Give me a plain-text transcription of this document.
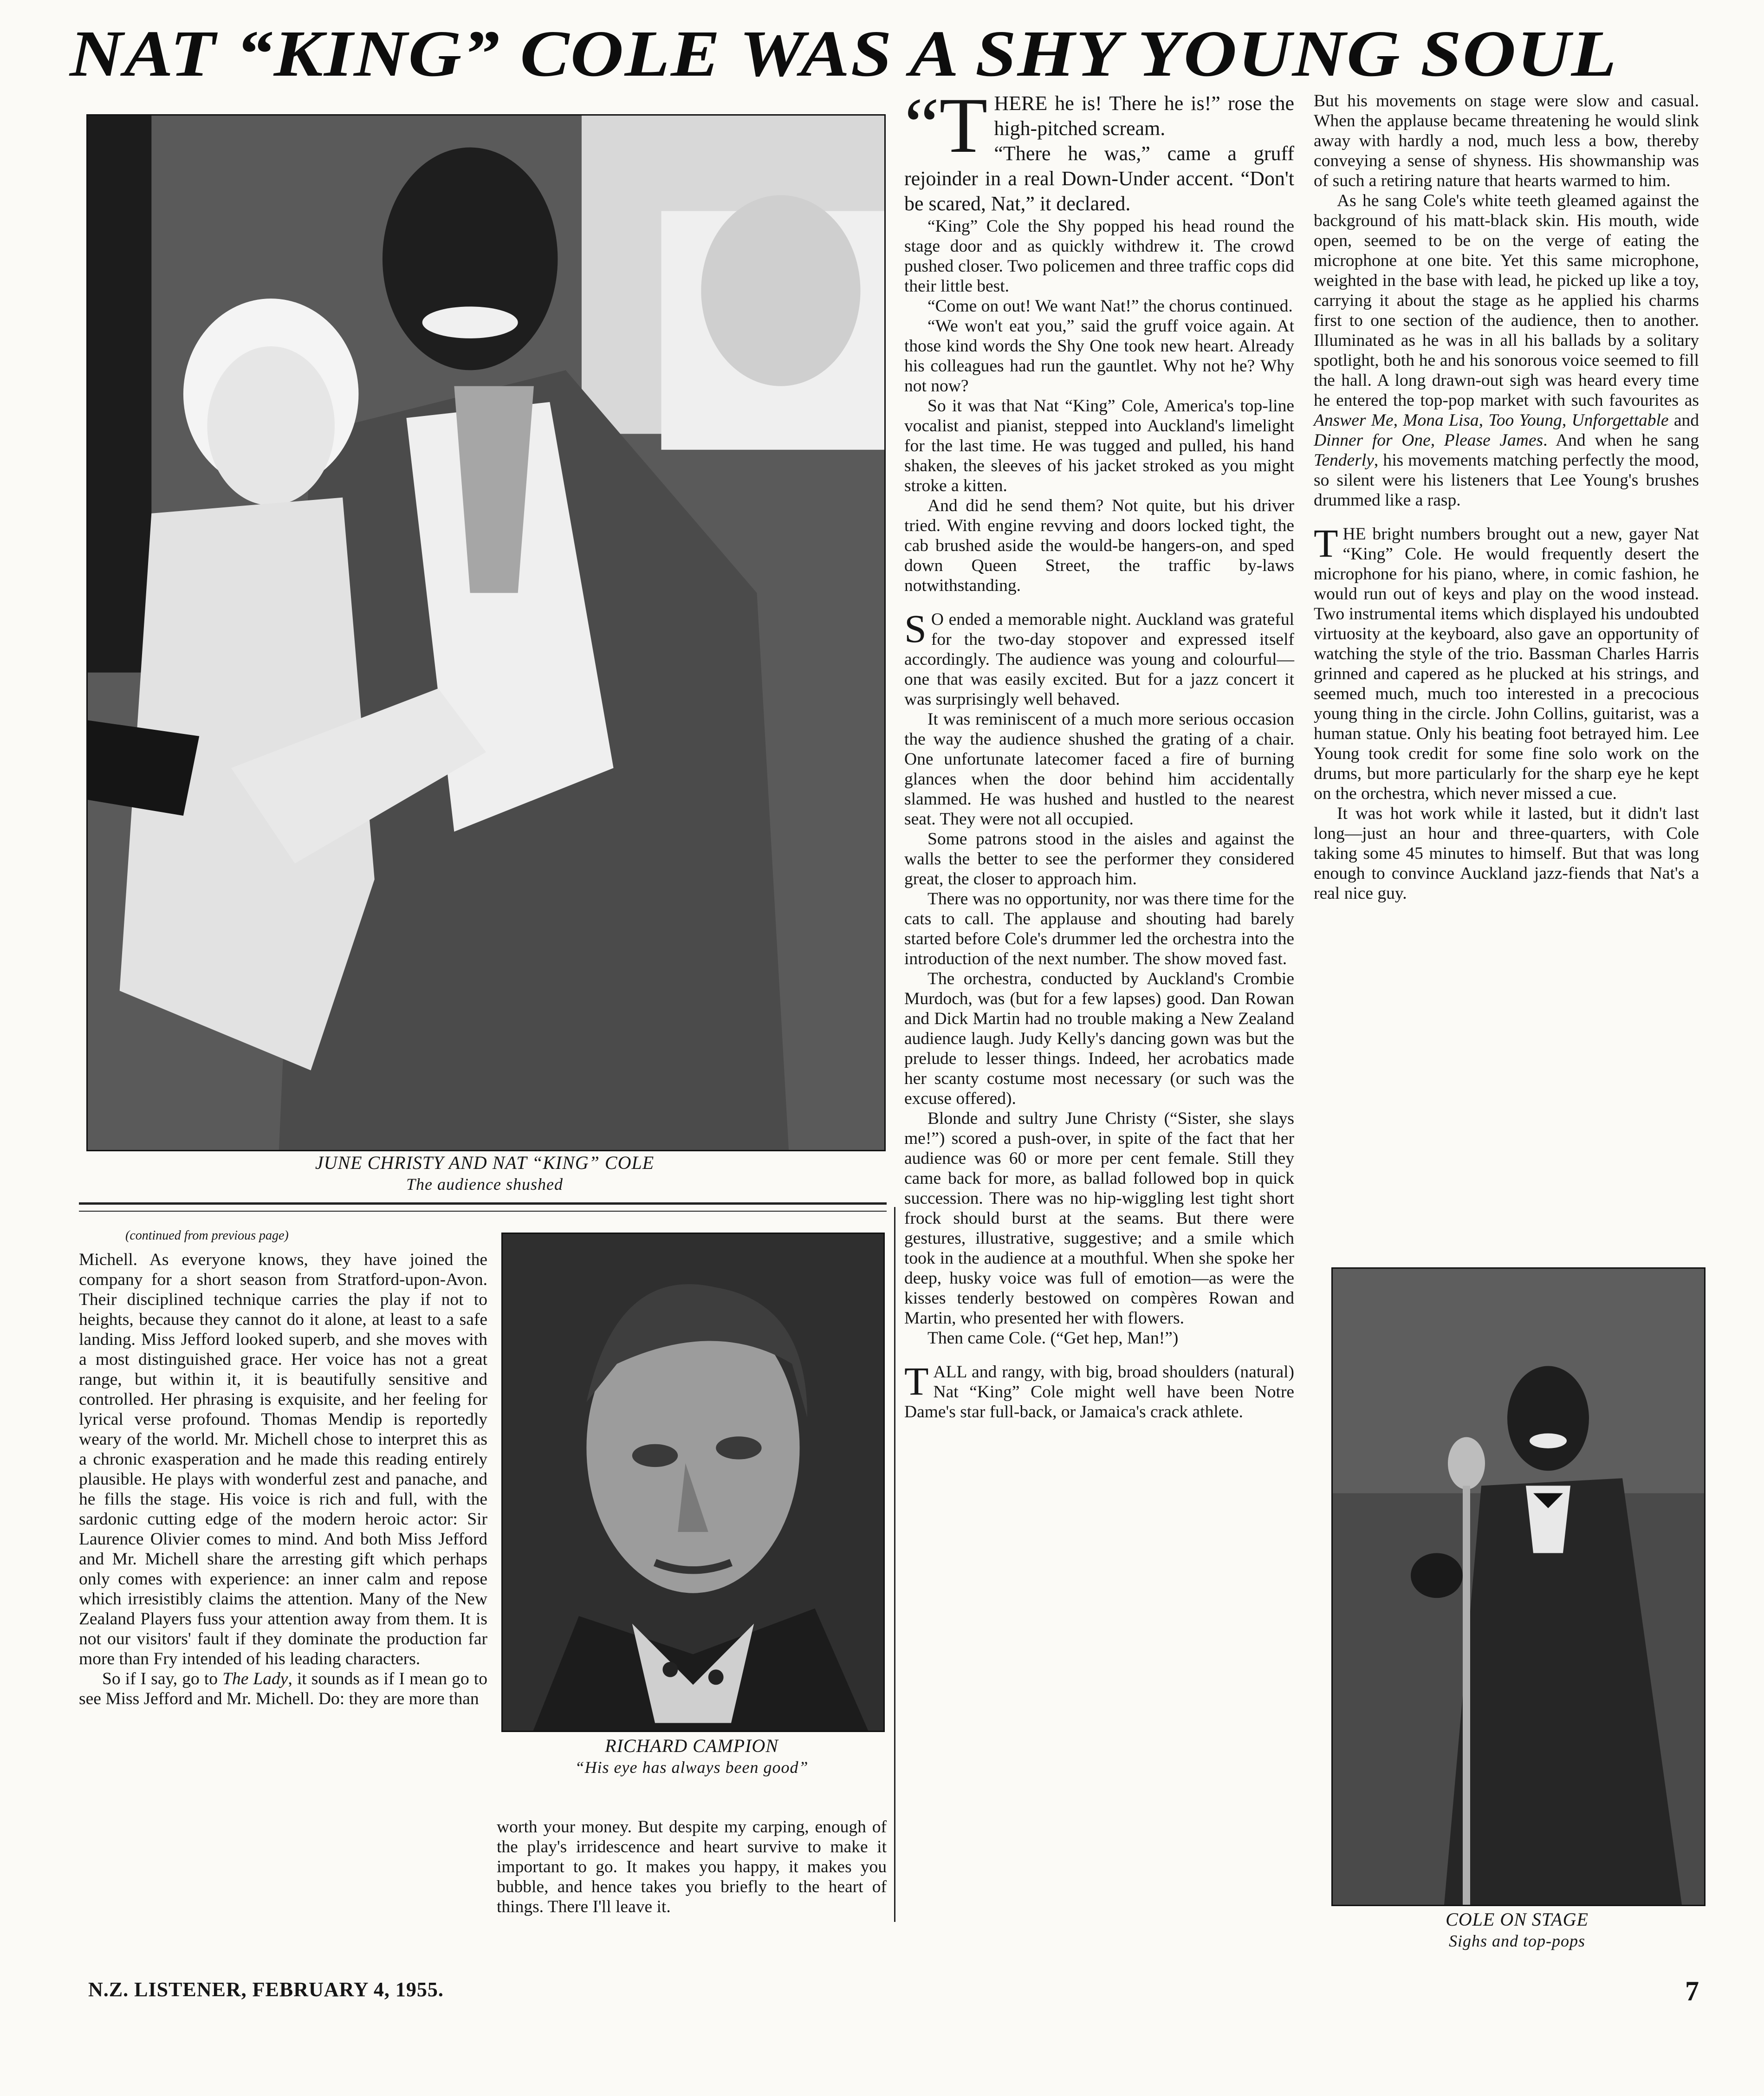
NAT “KING” COLE WAS A SHY YOUNG SOUL
JUNE CHRISTY AND NAT “KING” COLE
The audience shushed
(continued from previous page)

Michell. As everyone knows, they have joined the company for a short season from Stratford-upon-Avon. Their disciplined technique carries the play if not to heights, because they cannot do it alone, at least to a safe landing. Miss Jefford looked superb, and she moves with a most distinguished grace. Her voice has not a great range, but within it, it is beautifully sensitive and controlled. Her phrasing is exquisite, and her feeling for lyrical verse profound. Thomas Mendip is reportedly weary of the world. Mr. Michell chose to interpret this as a chronic exasperation and he made this reading entirely plausible. He plays with wonderful zest and panache, and he fills the stage. His voice is rich and full, with the sardonic cutting edge of the modern heroic actor: Sir Laurence Olivier comes to mind. And both Miss Jefford and Mr. Michell share the arresting gift which perhaps only comes with experience: an inner calm and repose which irresistibly claims the attention. Many of the New Zealand Players fuss your attention away from them. It is not our visitors' fault if they dominate the production far more than Fry intended of his leading characters.

So if I say, go to The Lady, it sounds as if I mean go to see Miss Jefford and Mr. Michell. Do: they are more than

RICHARD CAMPION
“His eye has always been good”

worth your money. But despite my carping, enough of the play's irridescence and heart survive to make it important to go. It makes you happy, it makes you bubble, and hence takes you briefly to the heart of things. There I'll leave it.

“T HERE he is! There he is!” rose the high-pitched scream.

“There he was,” came a gruff rejoinder in a real Down-Under accent. “Don't be scared, Nat,” it declared.

“King” Cole the Shy popped his head round the stage door and as quickly withdrew it. The crowd pushed closer. Two policemen and three traffic cops did their little best.

“Come on out! We want Nat!” the chorus continued.

“We won't eat you,” said the gruff voice again. At those kind words the Shy One took new heart. Already his colleagues had run the gauntlet. Why not he? Why not now?

So it was that Nat “King” Cole, America's top-line vocalist and pianist, stepped into Auckland's limelight for the last time. He was tugged and pulled, his hand shaken, the sleeves of his jacket stroked as you might stroke a kitten.

And did he send them? Not quite, but his driver tried. With engine revving and doors locked tight, the cab brushed aside the would-be hangers-on, and sped down Queen Street, the traffic by-laws notwithstanding.

S O ended a memorable night. Auckland was grateful for the two-day stopover and expressed itself accordingly. The audience was young and colourful—one that was easily excited. But for a jazz concert it was surprisingly well behaved.

It was reminiscent of a much more serious occasion the way the audience shushed the grating of a chair. One unfortunate latecomer faced a fire of burning glances when the door behind him accidentally slammed. He was hushed and hustled to the nearest seat. They were not all occupied.

Some patrons stood in the aisles and against the walls the better to see the performer they considered great, the closer to approach him.

There was no opportunity, nor was there time for the cats to call. The applause and shouting had barely started before Cole's drummer led the orchestra into the introduction of the next number. The show moved fast.

The orchestra, conducted by Auckland's Crombie Murdoch, was (but for a few lapses) good. Dan Rowan and Dick Martin had no trouble making a New Zealand audience laugh. Judy Kelly's dancing gown was but the prelude to lesser things. Indeed, her acrobatics made her scanty costume most necessary (or such was the excuse offered).

Blonde and sultry June Christy (“Sister, she slays me!”) scored a push-over, in spite of the fact that her audience was 60 or more per cent female. Still they came back for more, as ballad followed bop in quick succession. There was no hip-wiggling lest tight short frock should burst at the seams. But there were gestures, illustrative, suggestive; and a smile which took in the audience at a mouthful. When she spoke her deep, husky voice was full of emotion—as were the kisses tenderly bestowed on compères Rowan and Martin, who presented her with flowers.

Then came Cole. (“Get hep, Man!”)

TALL and rangy, with big, broad shoulders (natural) Nat “King” Cole might well have been Notre Dame's star full-back, or Jamaica's crack athlete.

But his movements on stage were slow and casual. When the applause became threatening he would slink away with hardly a nod, much less a bow, thereby conveying a sense of shyness. His showmanship was of such a retiring nature that hearts warmed to him.

As he sang Cole's white teeth gleamed against the background of his matt-black skin. His mouth, wide open, seemed to be on the verge of eating the microphone at one bite. Yet this same microphone, weighted in the base with lead, he picked up like a toy, carrying it about the stage as he applied his charms first to one section of the audience, then to another. Illuminated as he was in all his ballads by a solitary spotlight, both he and his sonorous voice seemed to fill the hall. A long drawn-out sigh was heard every time he entered the top-pop market with such favourites as Answer Me, Mona Lisa, Too Young, Unforgettable and Dinner for One, Please James. And when he sang Tenderly, his movements matching perfectly the mood, so silent were his listeners that Lee Young's brushes drummed like a rasp.

THE bright numbers brought out a new, gayer Nat “King” Cole. He would frequently desert the microphone for his piano, where, in comic fashion, he would run out of keys and play on the wood instead. Two instrumental items which displayed his undoubted virtuosity at the keyboard, also gave an opportunity of watching the style of the trio. Bassman Charles Harris grinned and capered as he plucked at his strings, and seemed much, much too interested in a precocious young thing in the circle. John Collins, guitarist, was a human statue. Only his beating foot betrayed him. Lee Young took credit for some fine solo work on the drums, but more particularly for the sharp eye he kept on the orchestra, which never missed a cue.

It was hot work while it lasted, but it didn't last long—just an hour and three-quarters, with Cole taking some 45 minutes to himself. But that was long enough to convince Auckland jazz-fiends that Nat's a real nice guy.

COLE ON STAGE
Sighs and top-pops
N.Z. LISTENER, FEBRUARY 4, 1955.	7
